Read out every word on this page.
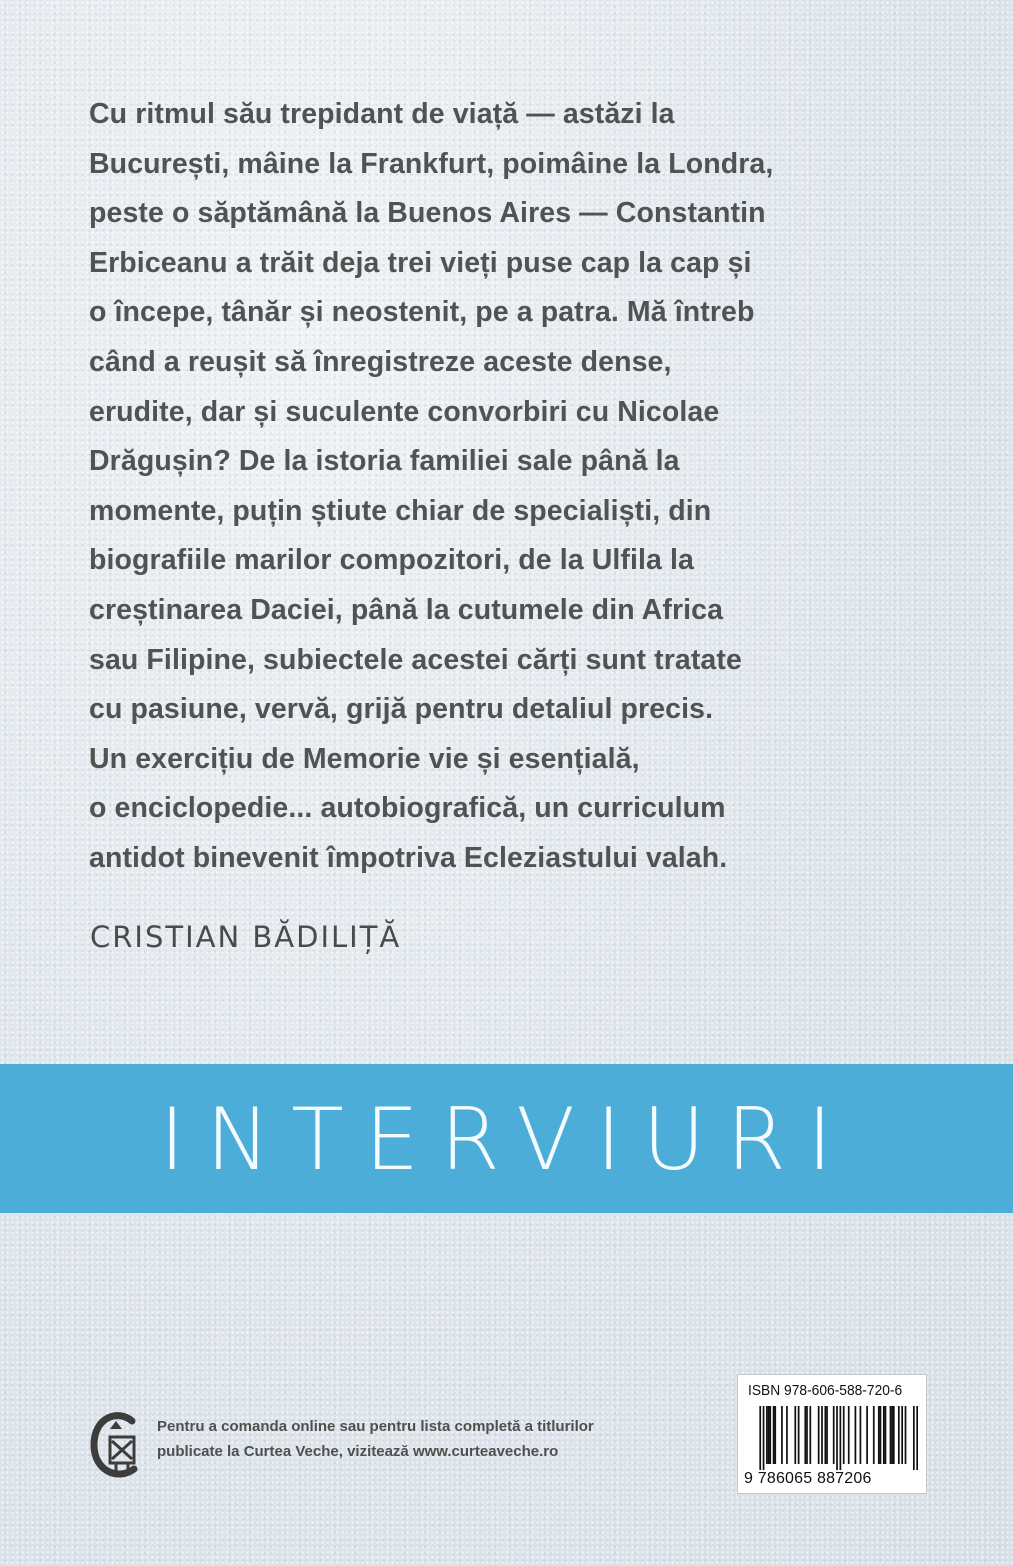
Cu ritmul său trepidant de viață — astăzi la
București, mâine la Frankfurt, poimâine la Londra,
peste o săptămână la Buenos Aires — Constantin
Erbiceanu a trăit deja trei vieți puse cap la cap și
o începe, tânăr și neostenit, pe a patra. Mă întreb
când a reușit să înregistreze aceste dense,
erudite, dar și suculente convorbiri cu Nicolae
Drăgușin? De la istoria familiei sale până la
momente, puțin știute chiar de specialiști, din
biografiile marilor compozitori, de la Ulfila la
creștinarea Daciei, până la cutumele din Africa
sau Filipine, subiectele acestei cărți sunt tratate
cu pasiune, vervă, grijă pentru detaliul precis.
Un exercițiu de Memorie vie și esențială,
o enciclopedie... autobiografică, un curriculum
antidot binevenit împotriva Ecleziastului valah.
CRISTIAN BĂDILIȚĂ
INTERVIURI
Pentru a comanda online sau pentru lista completă a titlurilor
publicate la Curtea Veche, vizitează www.curteaveche.ro
ISBN 978-606-588-720-6
9 786065 887206
